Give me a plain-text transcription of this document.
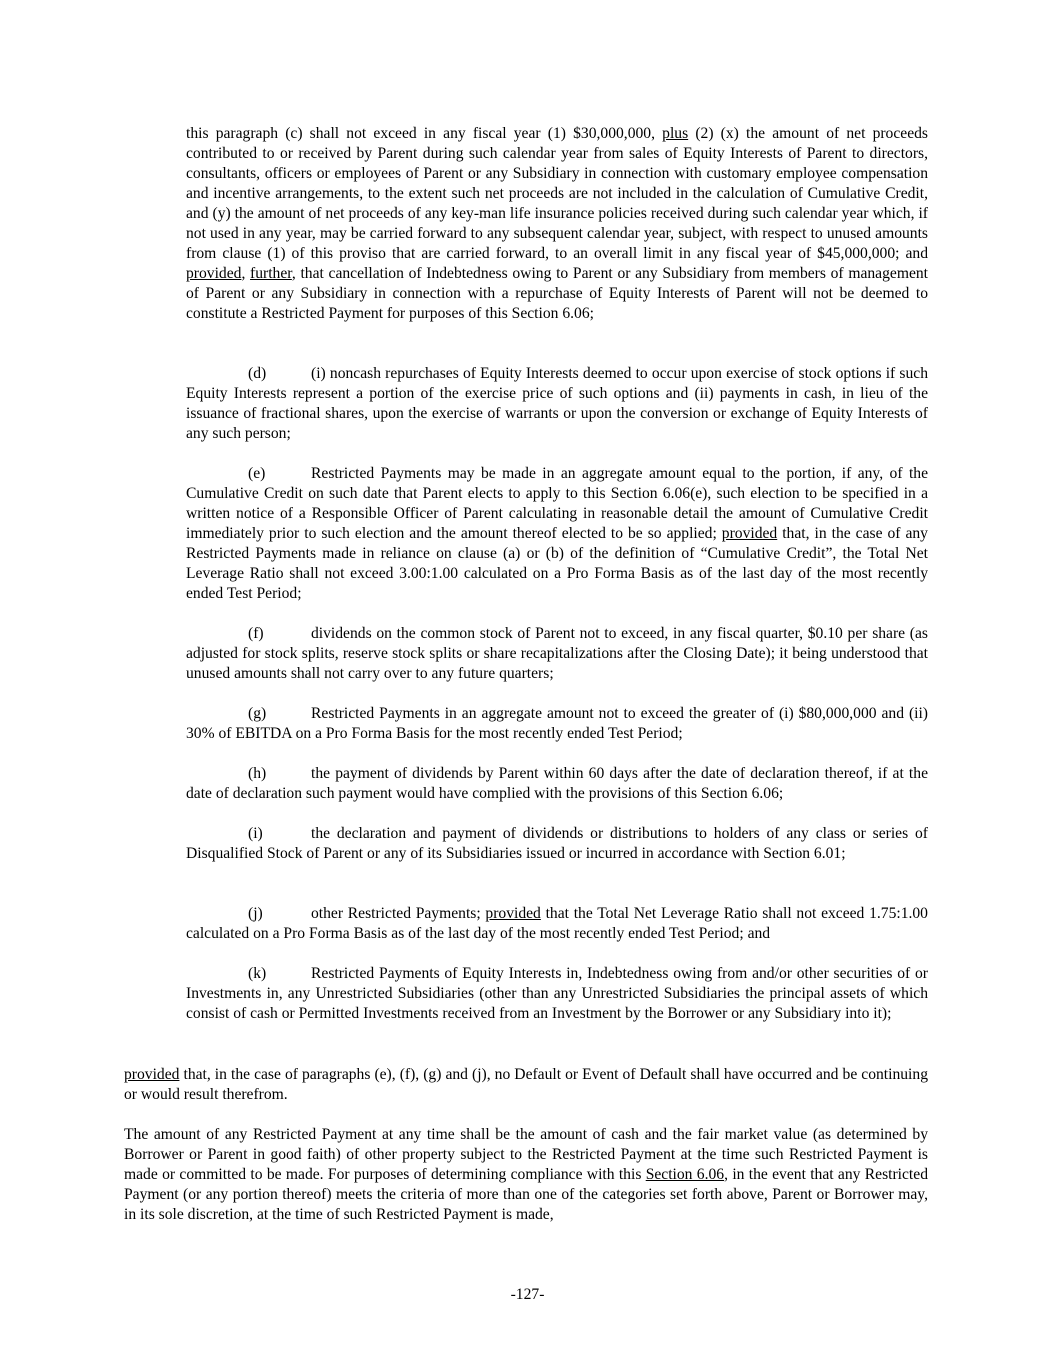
this paragraph (c) shall not exceed in any fiscal year (1) $30,000,000, plus (2) (x) the amount of net proceeds contributed to or received by Parent during such calendar year from sales of Equity Interests of Parent to directors, consultants, officers or employees of Parent or any Subsidiary in connection with customary employee compensation and incentive arrangements, to the extent such net proceeds are not included in the calculation of Cumulative Credit, and (y) the amount of net proceeds of any key-man life insurance policies received during such calendar year which, if not used in any year, may be carried forward to any subsequent calendar year, subject, with respect to unused amounts from clause (1) of this proviso that are carried forward, to an overall limit in any fiscal year of $45,000,000; and provided, further, that cancellation of Indebtedness owing to Parent or any Subsidiary from members of management of Parent or any Subsidiary in connection with a repurchase of Equity Interests of Parent will not be deemed to constitute a Restricted Payment for purposes of this Section 6.06;

(d)	(i) noncash repurchases of Equity Interests deemed to occur upon exercise of stock options if such Equity Interests represent a portion of the exercise price of such options and (ii) payments in cash, in lieu of the issuance of fractional shares, upon the exercise of warrants or upon the conversion or exchange of Equity Interests of any such person;

(e)	Restricted Payments may be made in an aggregate amount equal to the portion, if any, of the Cumulative Credit on such date that Parent elects to apply to this Section 6.06(e), such election to be specified in a written notice of a Responsible Officer of Parent calculating in reasonable detail the amount of Cumulative Credit immediately prior to such election and the amount thereof elected to be so applied; provided that, in the case of any Restricted Payments made in reliance on clause (a) or (b) of the definition of “Cumulative Credit”, the Total Net Leverage Ratio shall not exceed 3.00:1.00 calculated on a Pro Forma Basis as of the last day of the most recently ended Test Period;

(f)	dividends on the common stock of Parent not to exceed, in any fiscal quarter, $0.10 per share (as adjusted for stock splits, reserve stock splits or share recapitalizations after the Closing Date); it being understood that unused amounts shall not carry over to any future quarters;

(g)	Restricted Payments in an aggregate amount not to exceed the greater of (i) $80,000,000 and (ii) 30% of EBITDA on a Pro Forma Basis for the most recently ended Test Period;

(h)	the payment of dividends by Parent within 60 days after the date of declaration thereof, if at the date of declaration such payment would have complied with the provisions of this Section 6.06;

(i)	the declaration and payment of dividends or distributions to holders of any class or series of Disqualified Stock of Parent or any of its Subsidiaries issued or incurred in accordance with Section 6.01;

(j)	other Restricted Payments; provided that the Total Net Leverage Ratio shall not exceed 1.75:1.00 calculated on a Pro Forma Basis as of the last day of the most recently ended Test Period; and

(k)	Restricted Payments of Equity Interests in, Indebtedness owing from and/or other securities of or Investments in, any Unrestricted Subsidiaries (other than any Unrestricted Subsidiaries the principal assets of which consist of cash or Permitted Investments received from an Investment by the Borrower or any Subsidiary into it);

provided that, in the case of paragraphs (e), (f), (g) and (j), no Default or Event of Default shall have occurred and be continuing or would result therefrom.

The amount of any Restricted Payment at any time shall be the amount of cash and the fair market value (as determined by Borrower or Parent in good faith) of other property subject to the Restricted Payment at the time such Restricted Payment is made or committed to be made. For purposes of determining compliance with this Section 6.06, in the event that any Restricted Payment (or any portion thereof) meets the criteria of more than one of the categories set forth above, Parent or Borrower may, in its sole discretion, at the time of such Restricted Payment is made,

-127-
